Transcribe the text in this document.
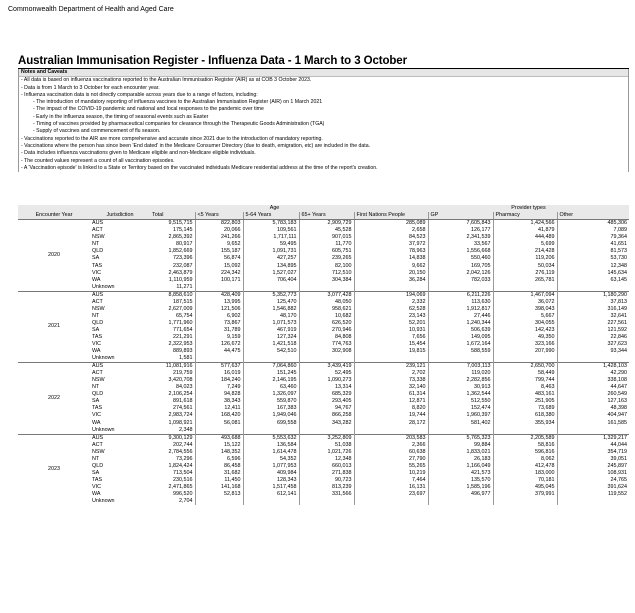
Commonwealth Department of Health and Aged Care
Australian Immunisation Register - Influenza Data - 1 March to 3 October
Notes and Caveats
- All data is based on influenza vaccinations reported to the Australian Immunisation Register (AIR) as at COB 3 October 2023.
- Data is from 1 March to 3 October for each encounter year.
- Influenza vaccination data is not directly comparable across years due to a range of factors, including:
- The introduction of mandatory reporting of influenza vaccines to the Australian Immunisation Register (AIR) on 1 March 2021
- The impact of the COVID-19 pandemic and national and local responses to the pandemic over time
- Early in the influenza season, the timing of seasonal events such as Easter
- Timing of vaccines provided by pharmaceutical companies for clearance through the Therapeutic Goods Administration (TGA)
- Supply of vaccines and commencement of flu season.
- Vaccinations reported to the AIR are more comprehensive and accurate since 2021 due to the introduction of mandatory reporting.
- Vaccinations where the person has since been 'End dated' in the Medicare Consumer Directory (due to death, emigration, etc) are included in the data.
- Data includes influenza vaccinations given to Medicare eligible and non-Medicare eligible individuals.
- The counted values represent a count of all vaccination episodes.
- A 'Vaccination episode' is linked to a State or Territory based on the vaccinated individuals Medicare residential address at the time of the report's creation.
			Age				Provider types		
Encounter Year	Jurisdiction	Total	<5 Years	5-64 Years	65+ Years	First Nations People	GP	Pharmacy	Other
2020	AUS	9,515,715	822,803	5,783,183	2,909,729	285,089	7,605,843	1,424,566	485,306
	ACT	175,145	20,066	109,561	45,528	2,658	126,177	41,879	7,089
	NSW	2,865,392	241,266	1,717,111	907,015	84,523	2,341,539	444,489	79,364
	NT	80,917	9,652	59,495	11,770	37,972	33,567	5,699	41,651
	QLD	1,852,669	155,187	1,091,731	605,751	78,963	1,556,668	214,428	81,573
	SA	723,396	56,874	427,257	239,265	14,838	550,460	119,206	53,730
	TAS	232,087	15,092	134,895	82,100	9,662	169,705	50,034	12,348
	VIC	2,463,879	224,342	1,527,027	712,510	20,150	2,042,126	276,119	145,634
	WA	1,110,959	100,171	706,404	304,384	36,284	782,033	265,781	63,145
	Unknown	11,271							
2021	AUS	8,858,610	428,409	5,352,773	3,077,428	194,069	6,211,226	1,467,094	1,180,290
	ACT	187,515	13,995	125,470	48,050	2,332	113,630	36,072	37,813
	NSW	2,627,009	121,506	1,546,882	958,621	62,528	1,912,817	398,043	316,149
	NT	65,754	6,902	48,170	10,682	23,143	27,446	5,667	32,641
	QLD	1,771,960	73,867	1,071,573	626,520	52,201	1,240,344	304,055	227,561
	SA	771,654	31,789	467,919	270,946	10,931	506,639	142,423	121,592
	TAS	221,291	9,159	127,324	84,808	7,656	149,095	49,350	22,846
	VIC	2,322,953	126,672	1,421,518	774,763	15,454	1,672,164	323,166	327,623
	WA	889,893	44,475	542,510	302,908	19,815	588,559	207,990	93,344
	Unknown	1,581							
2022	AUS	11,081,916	577,637	7,064,860	3,439,419	239,121	7,003,113	2,650,700	1,428,103
	ACT	219,759	16,019	151,245	52,495	2,702	119,020	58,449	42,290
	NSW	3,420,708	184,240	2,146,195	1,090,273	73,338	2,282,856	799,744	338,108
	NT	84,023	7,249	63,460	13,314	32,140	30,913	8,463	44,647
	QLD	2,106,254	94,828	1,326,097	685,329	61,314	1,362,544	483,161	260,549
	SA	891,618	38,343	559,870	293,405	12,871	512,550	251,905	127,163
	TAS	274,561	12,411	167,383	94,767	8,820	152,474	73,689	48,398
	VIC	2,983,724	168,420	1,949,046	866,258	19,744	1,960,397	618,380	404,947
	WA	1,098,921	56,081	699,558	343,282	28,172	581,402	355,934	161,585
	Unknown	2,348							
2023	AUS	9,300,129	493,688	5,553,632	3,252,809	203,583	5,765,323	2,205,589	1,329,217
	ACT	202,744	15,122	136,584	51,038	2,366	99,884	58,816	44,044
	NSW	2,784,556	148,352	1,614,478	1,021,726	60,638	1,833,021	596,816	354,719
	NT	73,296	6,596	54,352	12,348	27,790	26,183	8,062	39,051
	QLD	1,824,424	86,458	1,077,953	660,013	55,265	1,166,049	412,478	245,897
	SA	713,504	31,682	409,984	271,838	10,219	421,573	183,000	108,931
	TAS	230,516	11,450	128,343	90,723	7,464	135,570	70,181	24,765
	VIC	2,471,865	141,168	1,517,458	813,239	16,131	1,585,196	495,045	391,624
	WA	996,520	52,813	612,141	331,566	23,697	496,977	379,991	119,552
	Unknown	2,704							
